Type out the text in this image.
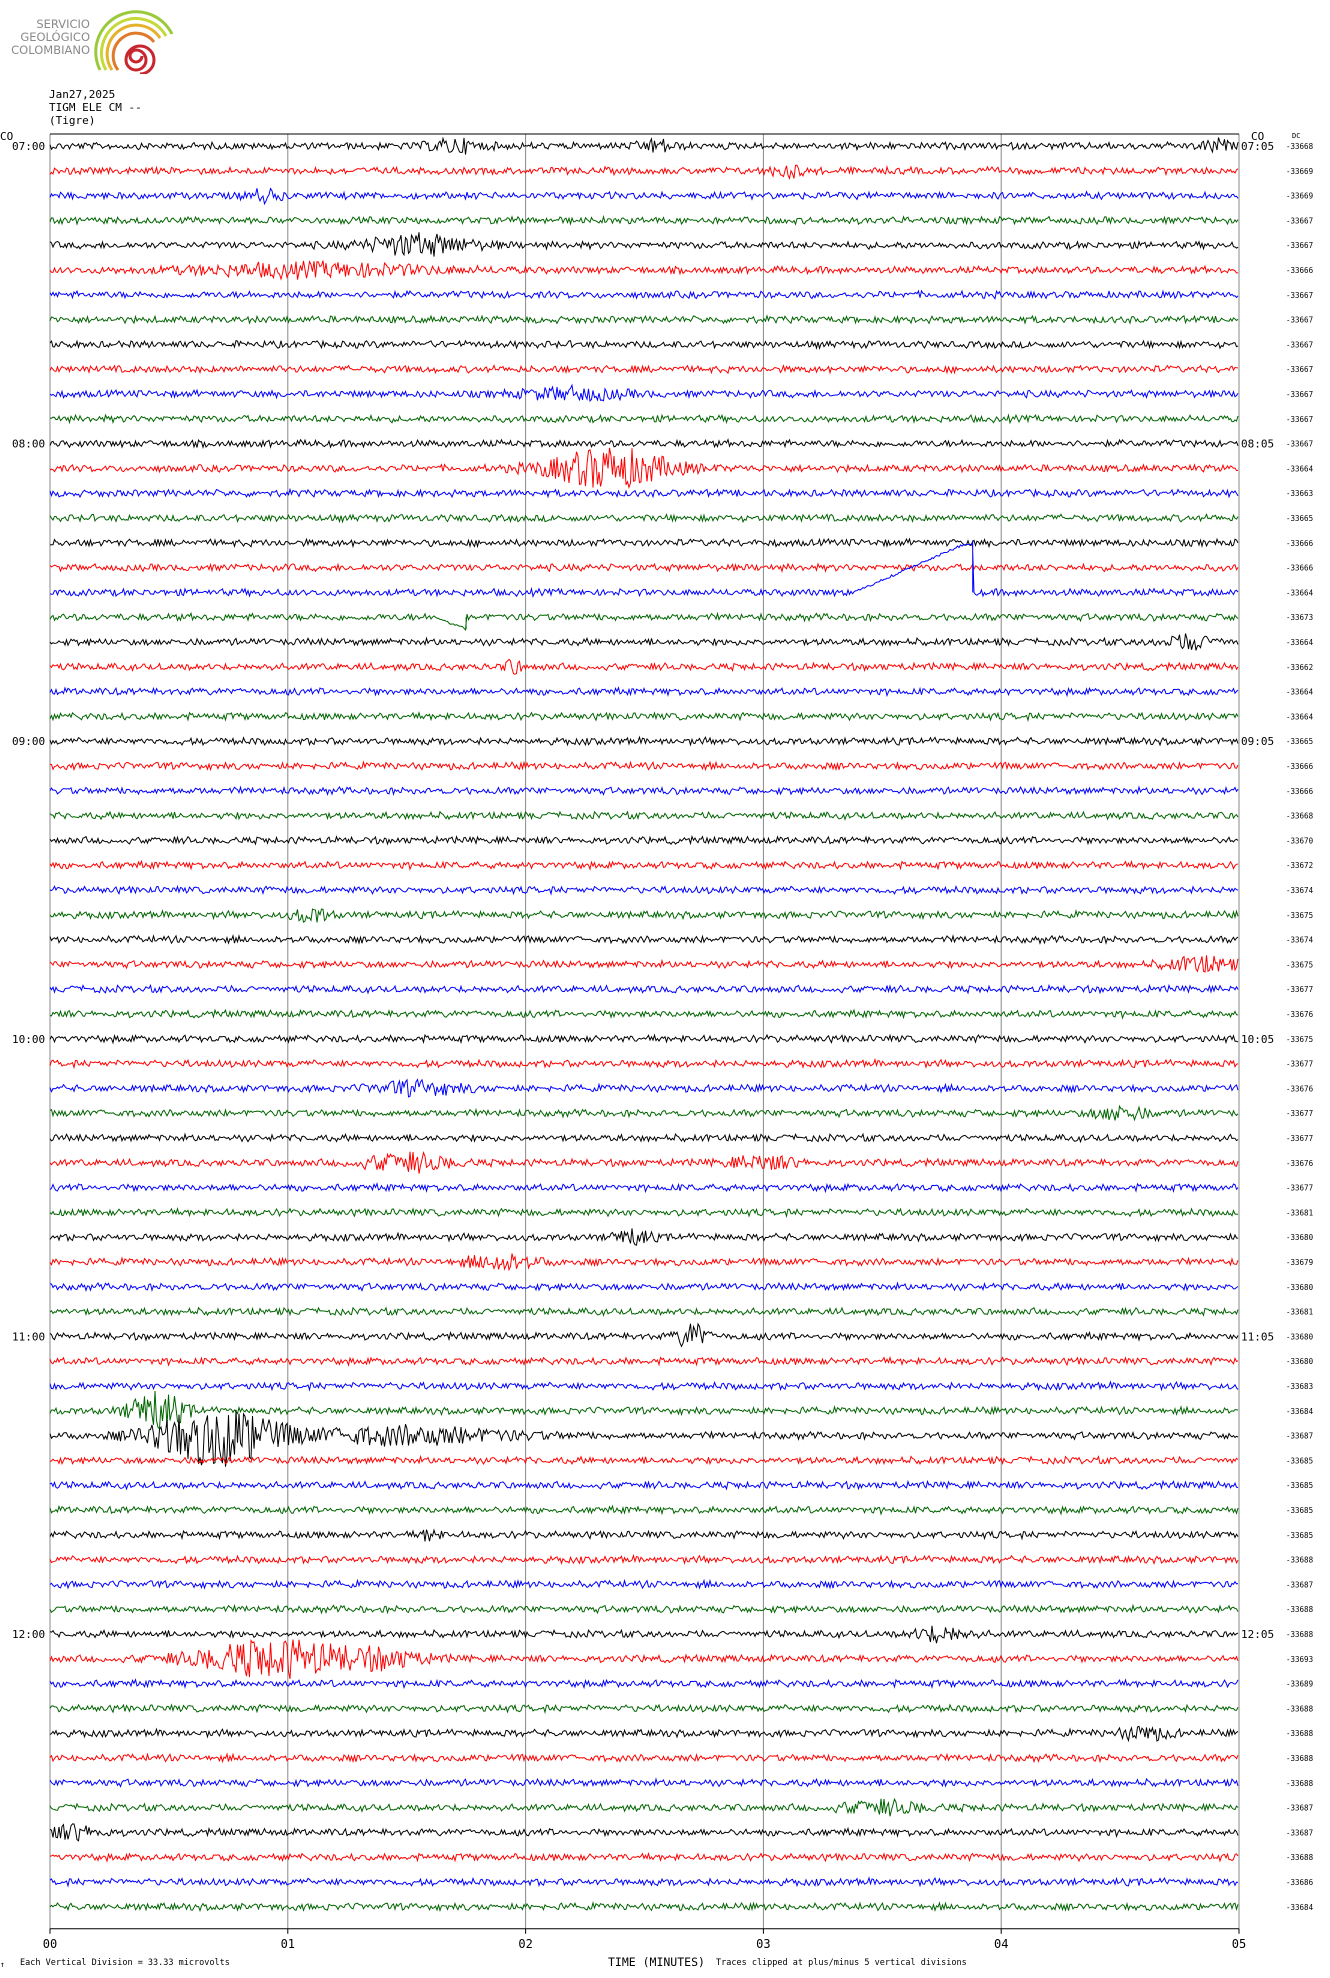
SERVICIO
GEOLÓGICO
COLOMBIANO
Jan27,2025
TIGM ELE CM --
(Tigre)
CO	CO	DC
07:00
08:00
09:00
10:00
11:00
12:00
07:05
08:05
09:05
10:05
11:05
12:05
-33668
-33669
-33669
-33667
-33667
-33666
-33667
-33667
-33667
-33667
-33667
-33667
-33667
-33664
-33663
-33665
-33666
-33666
-33664
-33673
-33664
-33662
-33664
-33664
-33665
-33666
-33666
-33668
-33670
-33672
-33674
-33675
-33674
-33675
-33677
-33676
-33675
-33677
-33676
-33677
-33677
-33676
-33677
-33681
-33680
-33679
-33680
-33681
-33680
-33680
-33683
-33684
-33687
-33685
-33685
-33685
-33685
-33688
-33687
-33688
-33688
-33693
-33689
-33688
-33688
-33688
-33688
-33687
-33687
-33688
-33686
-33684
00	01	02	03	04	05
↑ Each Vertical Division = 33.33 microvolts	TIME (MINUTES) Traces clipped at plus/minus 5 vertical divisions
